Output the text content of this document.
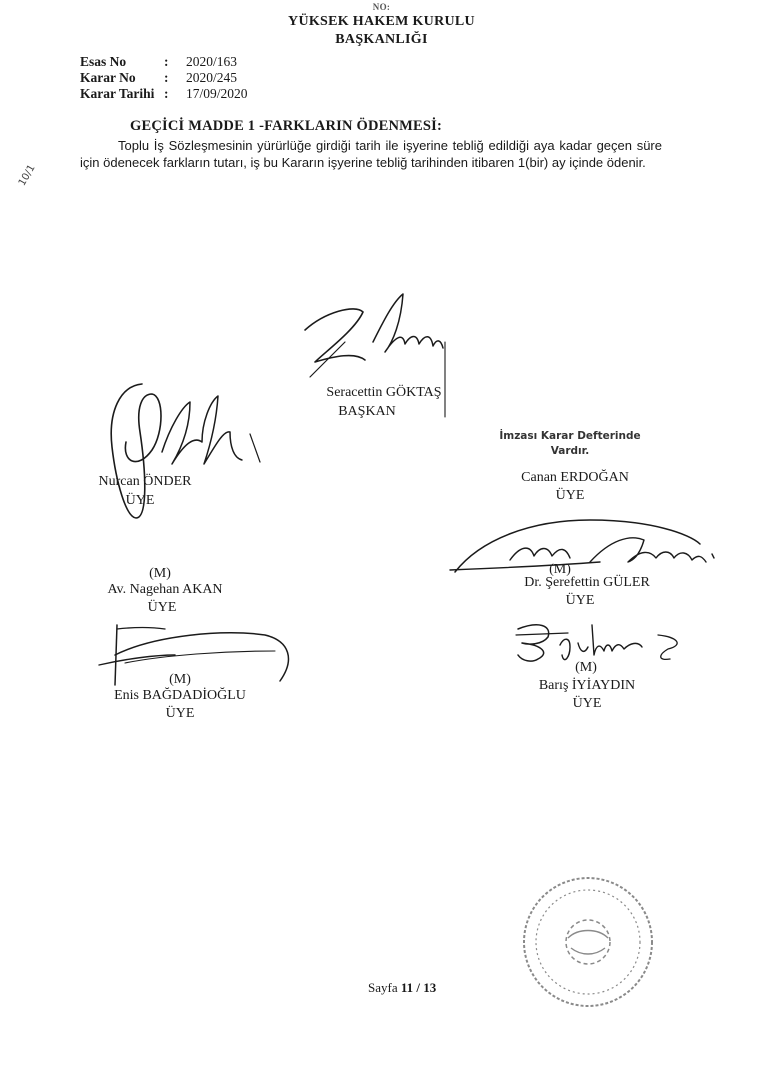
NO:
YÜKSEK HAKEM KURULU
BAŞKANLIĞI
Esas No	: 2020/163
Karar No : 2020/245
Karar Tarihi : 17/09/2020
10/1
GEÇİCİ MADDE 1 -FARKLARIN ÖDENMESİ:
Toplu İş Sözleşmesinin yürürlüğe girdiği tarih ile işyerine tebliğ edildiği aya kadar geçen süre için ödenecek farkların tutarı, iş bu Kararın işyerine tebliğ tarihinden itibaren 1(bir) ay içinde ödenir.
Seracettin GÖKTAŞ
BAŞKAN
Nurcan ÖNDER
ÜYE
İmzası Karar Defterinde
Vardır.
Canan ERDOĞAN
ÜYE
(M)
Dr. Şerefettin GÜLER
ÜYE
(M)
Av. Nagehan AKAN
ÜYE
(M)
Enis BAĞDADİOĞLU
ÜYE
(M)
Barış İYİAYDIN
ÜYE
Sayfa 11 / 13
